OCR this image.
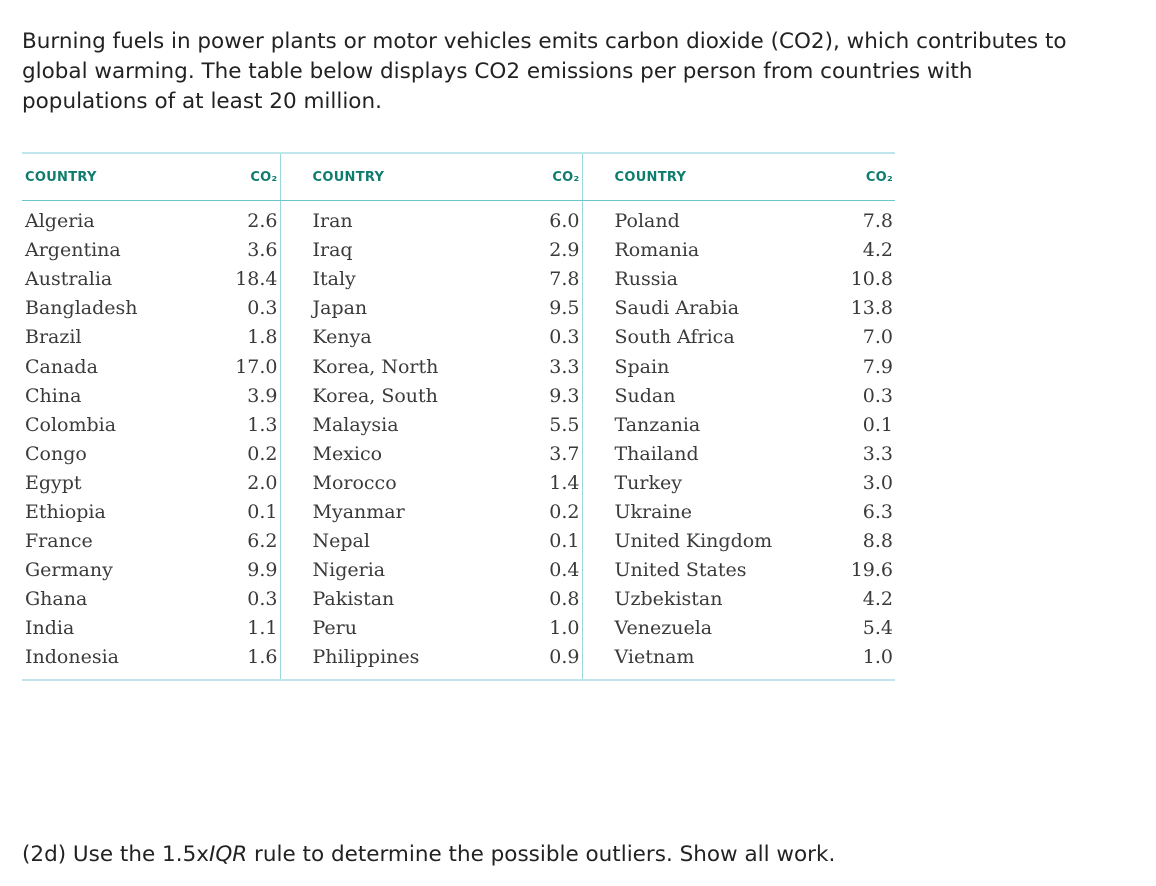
Burning fuels in power plants or motor vehicles emits carbon dioxide (CO2), which contributes to global warming. The table below displays CO2 emissions per person from countries with populations of at least 20 million.

COUNTRY	CO₂	COUNTRY	CO₂	COUNTRY	CO₂
Algeria	2.6	Iran	6.0	Poland	7.8
Argentina	3.6	Iraq	2.9	Romania	4.2
Australia	18.4	Italy	7.8	Russia	10.8
Bangladesh	0.3	Japan	9.5	Saudi Arabia	13.8
Brazil	1.8	Kenya	0.3	South Africa	7.0
Canada	17.0	Korea, North	3.3	Spain	7.9
China	3.9	Korea, South	9.3	Sudan	0.3
Colombia	1.3	Malaysia	5.5	Tanzania	0.1
Congo	0.2	Mexico	3.7	Thailand	3.3
Egypt	2.0	Morocco	1.4	Turkey	3.0
Ethiopia	0.1	Myanmar	0.2	Ukraine	6.3
France	6.2	Nepal	0.1	United Kingdom	8.8
Germany	9.9	Nigeria	0.4	United States	19.6
Ghana	0.3	Pakistan	0.8	Uzbekistan	4.2
India	1.1	Peru	1.0	Venezuela	5.4
Indonesia	1.6	Philippines	0.9	Vietnam	1.0

(2d) Use the 1.5xIQR rule to determine the possible outliers. Show all work.
